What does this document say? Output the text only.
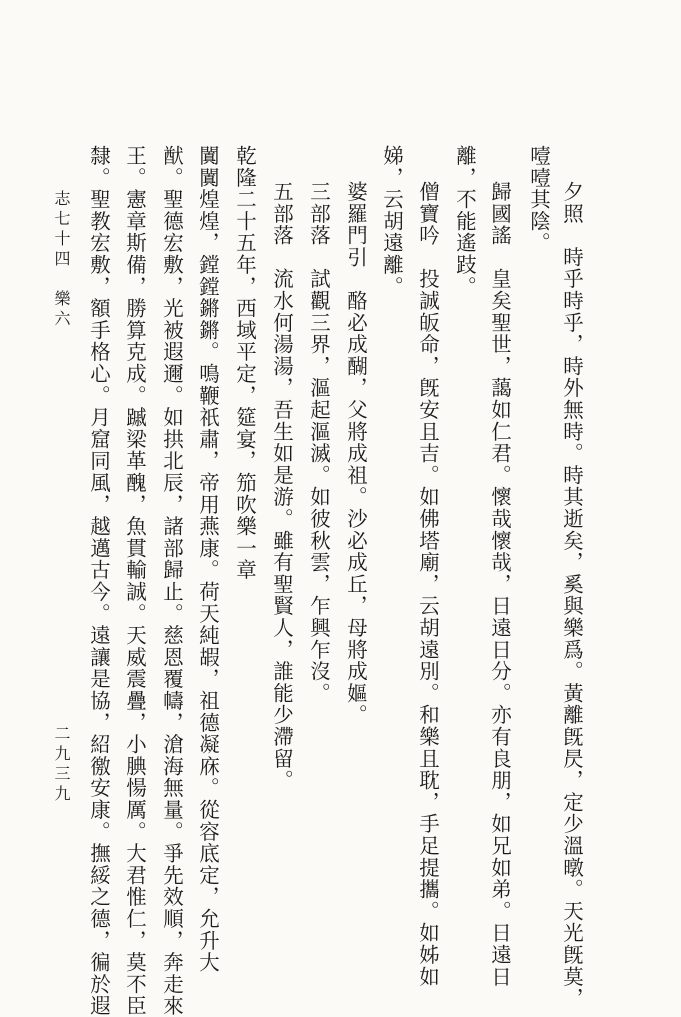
夕照　時乎時乎，時外無時。時其逝矣，奚與樂爲。黃離旣昃，定少溫暾。天光旣莫，
噎噎其陰。
歸國謠　皇矣聖世，藹如仁君。懷哉懷哉，日遠日分。亦有良朋，如兄如弟。日遠日
離，不能遙跂。
僧寶吟　投誠皈命，旣安且吉。如佛塔廟，云胡遠別。和樂且耽，手足提攜。如姊如
娣，云胡遠離。
婆羅門引　酪必成醐，父將成祖。沙必成丘，母將成嫗。
三部落　試觀三界，漚起漚滅。如彼秋雲，乍興乍沒。
五部落　流水何湯湯，吾生如是游。雖有聖賢人，誰能少滯留。
乾隆二十五年，西域平定，筵宴，笳吹樂一章
闐闐煌煌，鏜鏜鏘鏘。鳴鞭祇肅，帝用燕康。荷天純嘏，祖德凝庥。從容底定，允升大
猷。聖德宏敷，光被遐邇。如拱北辰，諸部歸止。慈恩覆幬，滄海無量。爭先效順，奔走來
王。憲章斯備，勝算克成。䠞梁革醜，魚貫輸誠。天威震疊，小腆愓厲。大君惟仁，莫不臣
隸。聖教宏敷，額手格心。月窟同風，越邁古今。遠讓是協，紹徼安康。撫綏之德，徧於遐
志七十四　樂六
二九三九
